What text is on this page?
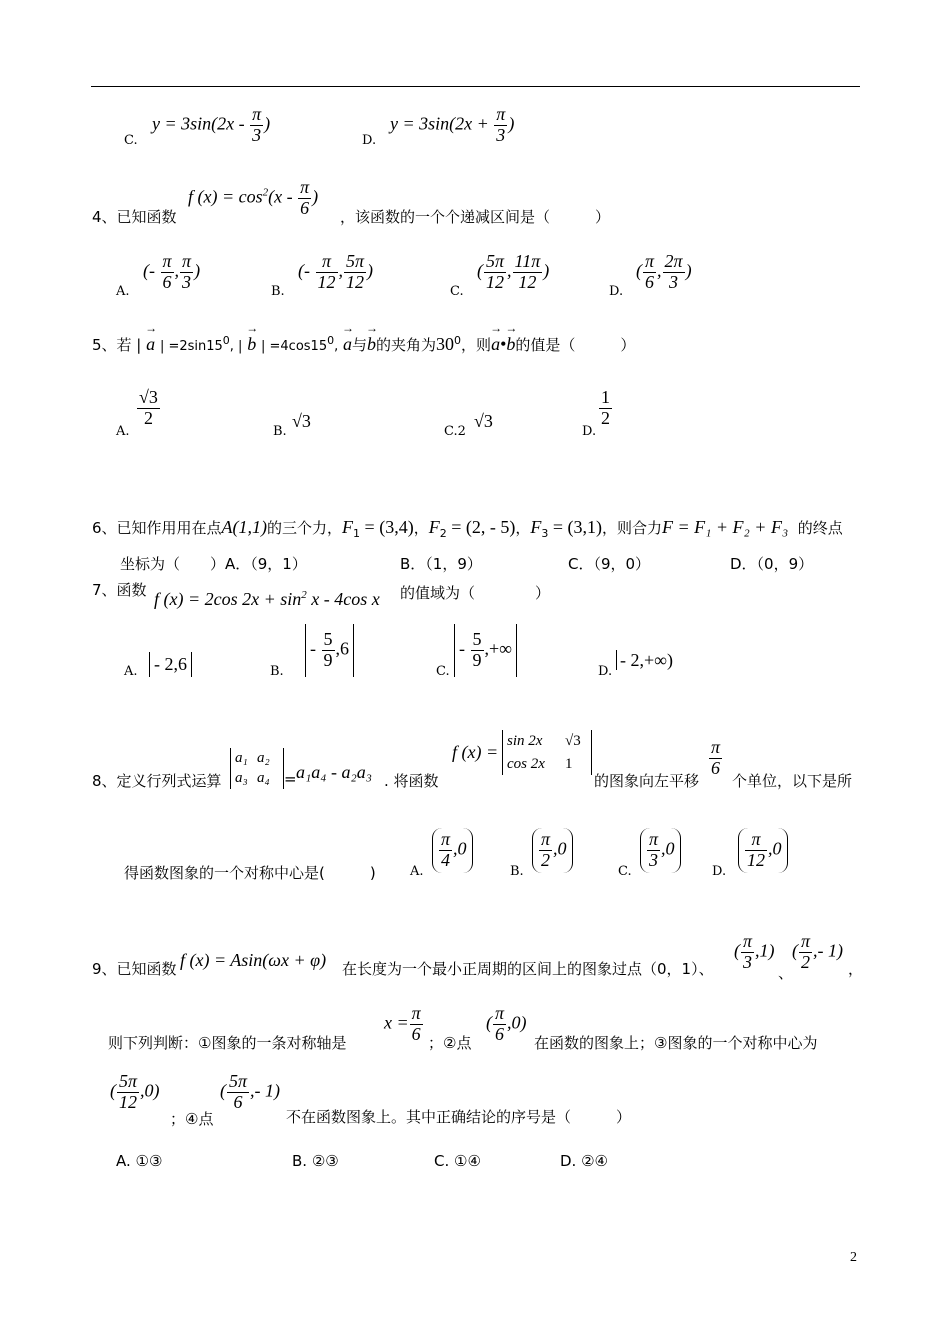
C.
$y = 3\sin(2x - \frac{\pi}{3}$ )
D.
$y = 3\sin(2x + \frac{\pi}{3}$ )
4、已知函数
f $(x) = \cos^2(x - \frac{\pi}{6}$ )
，该函数的一个个递减区间是（　　　）
A.
(- $\frac{\pi}{6}$ , $\frac{\pi}{3}$ )
B.
(- $\frac{\pi}{12}$ , $\frac{5\pi}{12}$ )
C.
( $\frac{5\pi}{12}$ , $\frac{11\pi}{12}$ )
D.
( $\frac{\pi}{6}$ , $\frac{2\pi}{3}$ )
5、若 | → a | $=2\sin 15^0$, | → b | $=4\cos 15^0$, → a与→ b的夹角为$30^0$，则→ a•→ b的值是（　　　）
A.
$\frac{√3}{2}$
B.
√3
C.2
√3
D.
$\frac{1}{2}$
6、已知作用用在点A(1,1)的三个力，$F_1 = (3,4)$，$F_2 = (2$, - 5)，$F_3 = (3,1)$，则合力F = F₁ + F₂ + F₃ 的终点
坐标为（　　）A．（9，1）	B．（1，9）	C．（9，0）	D．（0，9）
7、函数 f (x) = 2cos $2x + \sin^2 x - 4\cos$ x 的值域为（　　　　）
A. - 2,6	B.
- $\frac{5}{9} ,6$
C.
- $\frac{5}{9}$ ,+∞
D.
- 2,+∞)
8、定义行列式运算
a₁ a₂
a₃ a₄ = a₁a₄ - a₂a₃ . 将函数
f (x) =
sin 2x √3
cos 2x 1
的图象向左平移
$\frac{\pi}{6}$
个单位，以下是所
得函数图象的一个对称中心是(　　　)	A.
$\frac{\pi}{4} ,0$
B.
$\frac{\pi}{2} ,0$
C.
$\frac{\pi}{3} ,0$
D.
$\frac{\pi}{12} ,0$
9、已知函数 f (x) = Asin(ωx + φ) 在长度为一个最小正周期的区间上的图象过点（0，1）、
( $\frac{\pi}{3} ,1$)
、
( $\frac{\pi}{2}$ ,- 1)
，
$x = \frac{\pi}{6}$	( $\frac{\pi}{6} ,0$)
则下列判断：①图象的一条对称轴是	；②点	在函数的图象上；③图象的一个对称中心为
( $\frac{5\pi}{12} ,0$)
；④点
( $\frac{5\pi}{6}$ ,- 1)
不在函数图象上。其中正确结论的序号是（　　　）
A. ①③	B. ②③	C. ①④	D. ②④
2
